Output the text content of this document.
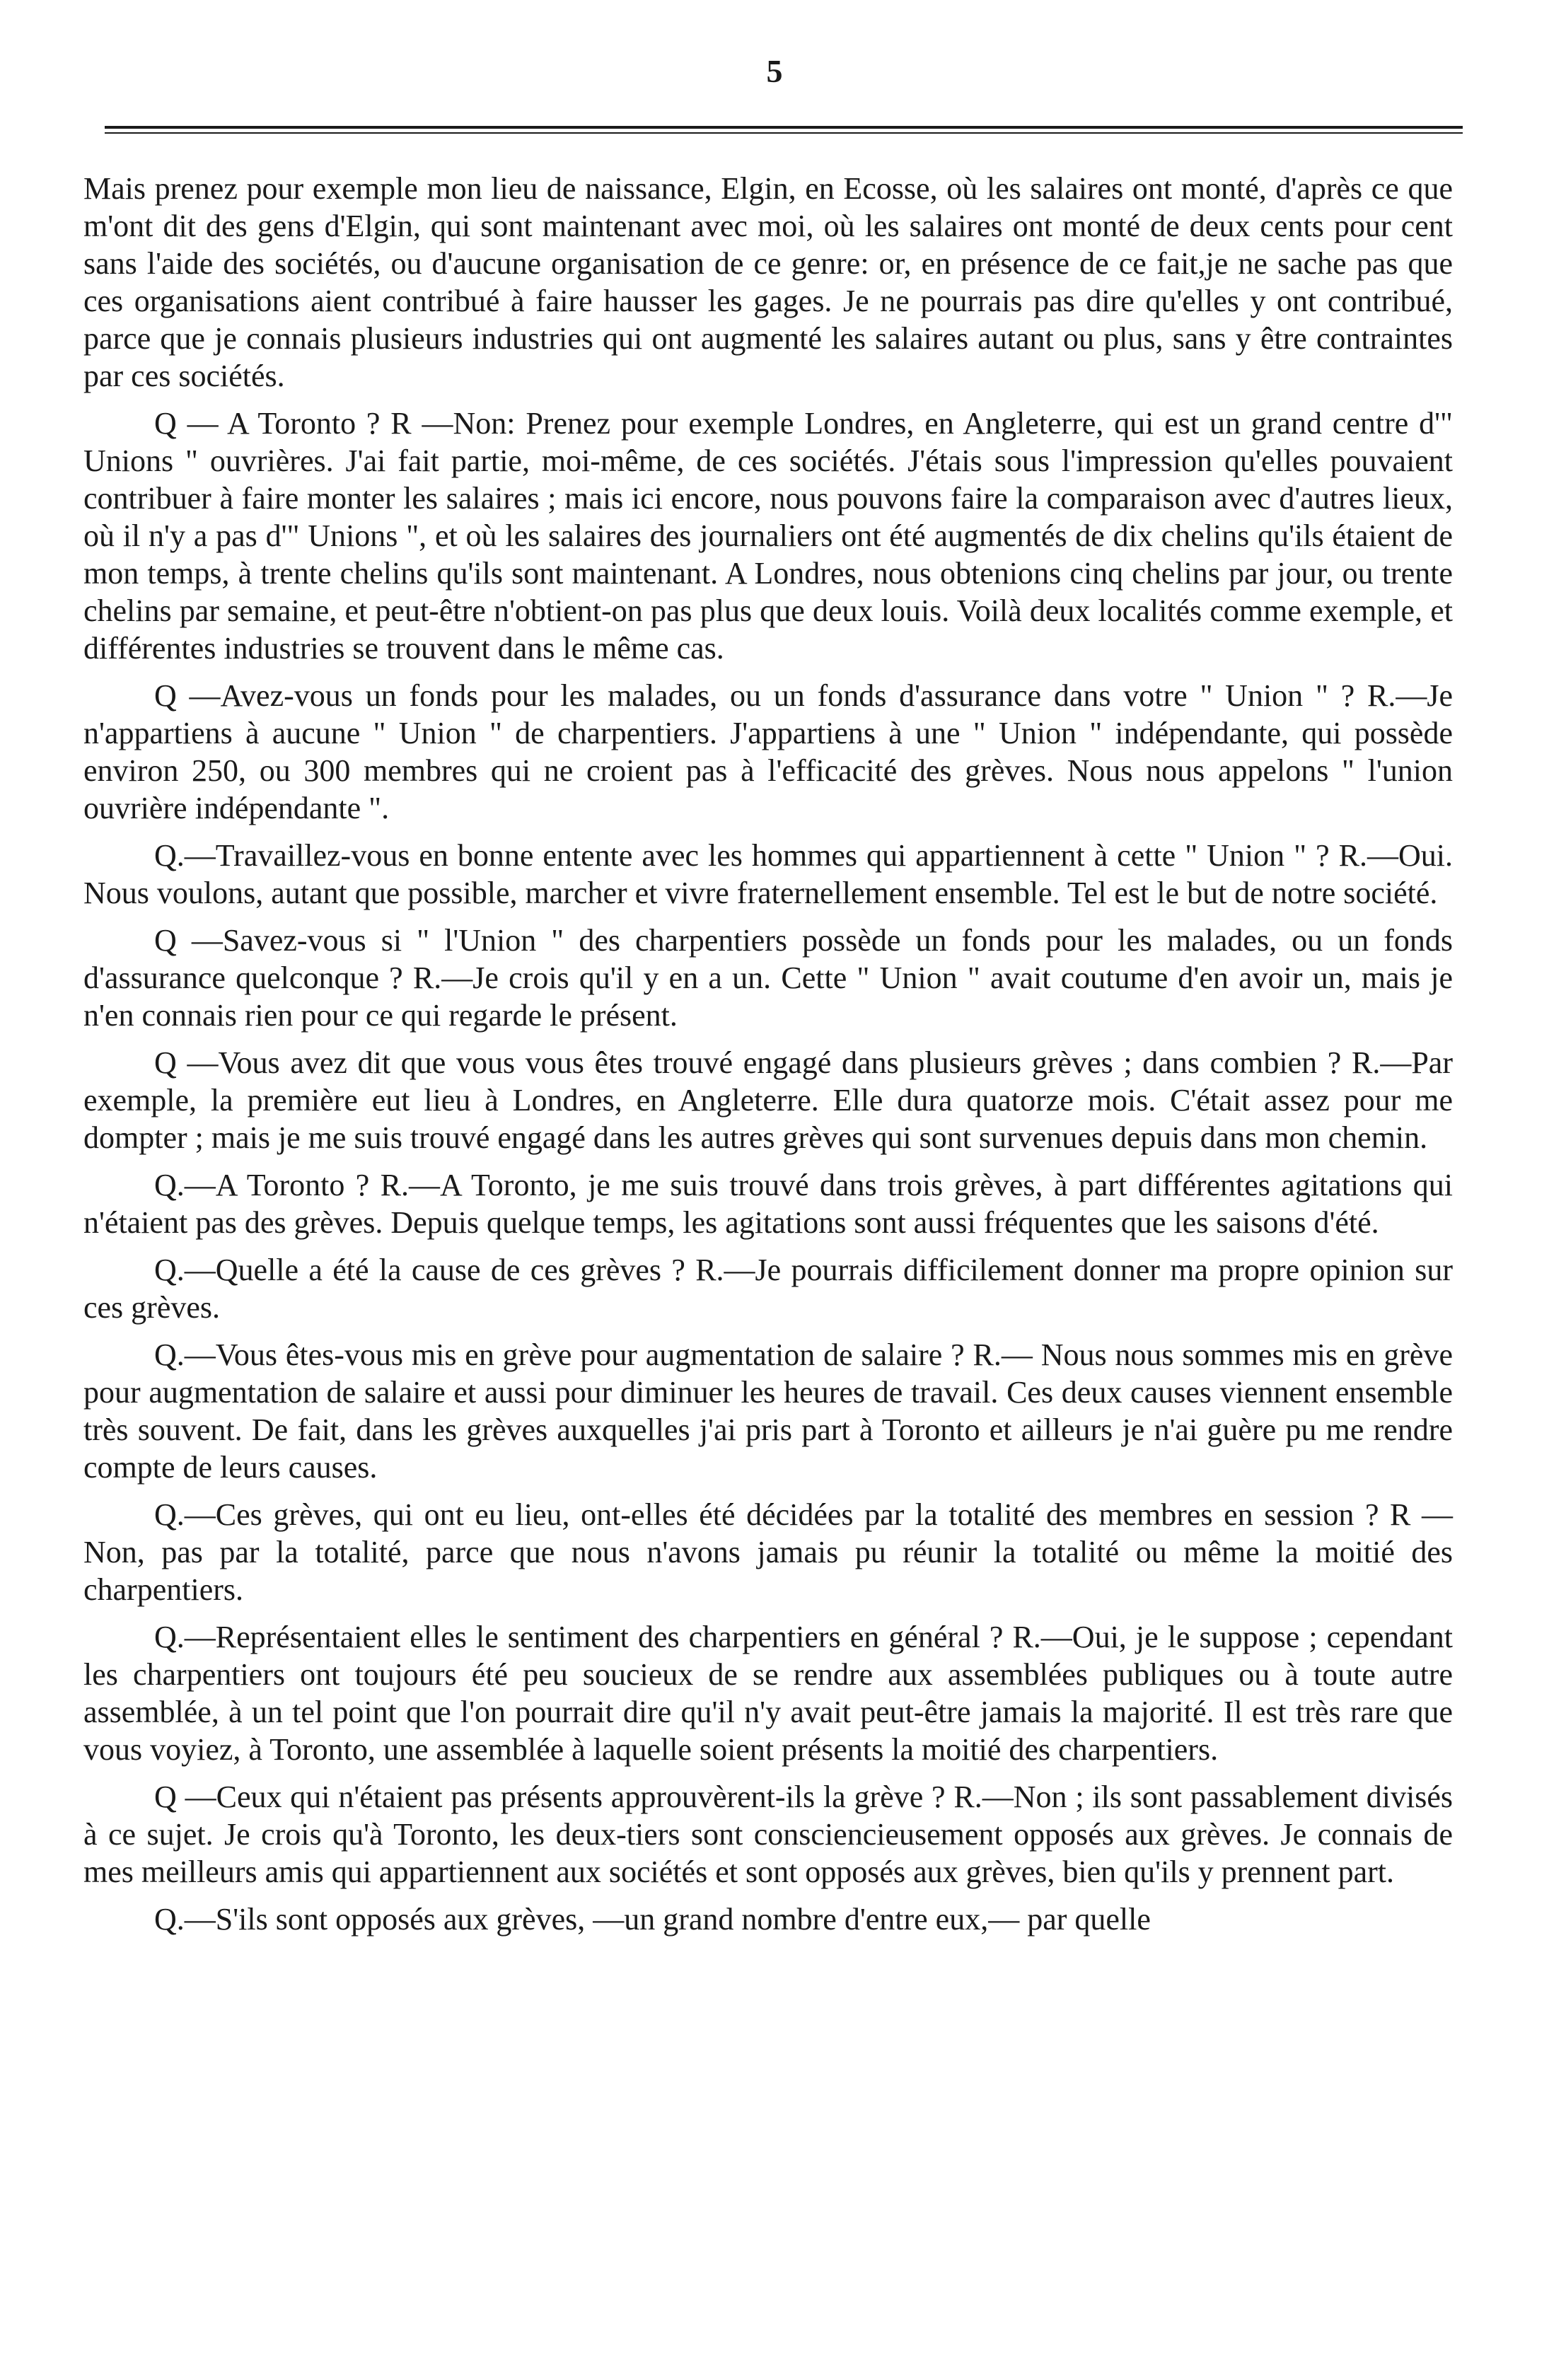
5

Mais prenez pour exemple mon lieu de naissance, Elgin, en Ecosse, où les salaires ont monté, d'après ce que m'ont dit des gens d'Elgin, qui sont maintenant avec moi, où les salaires ont monté de deux cents pour cent sans l'aide des sociétés, ou d'aucune organisation de ce genre: or, en présence de ce fait,je ne sache pas que ces organisations aient contribué à faire hausser les gages. Je ne pourrais pas dire qu'elles y ont contribué, parce que je connais plusieurs industries qui ont augmenté les salaires autant ou plus, sans y être contraintes par ces sociétés.

Q — A Toronto ? R —Non: Prenez pour exemple Londres, en Angleterre, qui est un grand centre d'" Unions " ouvrières. J'ai fait partie, moi-même, de ces sociétés. J'étais sous l'impression qu'elles pouvaient contribuer à faire monter les salaires ; mais ici encore, nous pouvons faire la comparaison avec d'autres lieux, où il n'y a pas d'" Unions ", et où les salaires des journaliers ont été augmentés de dix chelins qu'ils étaient de mon temps, à trente chelins qu'ils sont maintenant. A Londres, nous obtenions cinq chelins par jour, ou trente chelins par semaine, et peut-être n'obtient-on pas plus que deux louis. Voilà deux localités comme exemple, et différentes industries se trouvent dans le même cas.

Q —Avez-vous un fonds pour les malades, ou un fonds d'assurance dans votre " Union " ? R.—Je n'appartiens à aucune " Union " de charpentiers. J'appartiens à une " Union " indépendante, qui possède environ 250, ou 300 membres qui ne croient pas à l'efficacité des grèves. Nous nous appelons " l'union ouvrière indépendante ".

Q.—Travaillez-vous en bonne entente avec les hommes qui appartiennent à cette " Union " ? R.—Oui. Nous voulons, autant que possible, marcher et vivre fraternellement ensemble. Tel est le but de notre société.

Q —Savez-vous si " l'Union " des charpentiers possède un fonds pour les malades, ou un fonds d'assurance quelconque ? R.—Je crois qu'il y en a un. Cette " Union " avait coutume d'en avoir un, mais je n'en connais rien pour ce qui regarde le présent.

Q —Vous avez dit que vous vous êtes trouvé engagé dans plusieurs grèves ; dans combien ? R.—Par exemple, la première eut lieu à Londres, en Angleterre. Elle dura quatorze mois. C'était assez pour me dompter ; mais je me suis trouvé engagé dans les autres grèves qui sont survenues depuis dans mon chemin.

Q.—A Toronto ? R.—A Toronto, je me suis trouvé dans trois grèves, à part différentes agitations qui n'étaient pas des grèves. Depuis quelque temps, les agitations sont aussi fréquentes que les saisons d'été.

Q.—Quelle a été la cause de ces grèves ? R.—Je pourrais difficilement donner ma propre opinion sur ces grèves.

Q.—Vous êtes-vous mis en grève pour augmentation de salaire ? R.— Nous nous sommes mis en grève pour augmentation de salaire et aussi pour diminuer les heures de travail. Ces deux causes viennent ensemble très souvent. De fait, dans les grèves auxquelles j'ai pris part à Toronto et ailleurs je n'ai guère pu me rendre compte de leurs causes.

Q.—Ces grèves, qui ont eu lieu, ont-elles été décidées par la totalité des membres en session ? R —Non, pas par la totalité, parce que nous n'avons jamais pu réunir la totalité ou même la moitié des charpentiers.

Q.—Représentaient elles le sentiment des charpentiers en général ? R.—Oui, je le suppose ; cependant les charpentiers ont toujours été peu soucieux de se rendre aux assemblées publiques ou à toute autre assemblée, à un tel point que l'on pourrait dire qu'il n'y avait peut-être jamais la majorité. Il est très rare que vous voyiez, à Toronto, une assemblée à laquelle soient présents la moitié des charpentiers.

Q —Ceux qui n'étaient pas présents approuvèrent-ils la grève ? R.—Non ; ils sont passablement divisés à ce sujet. Je crois qu'à Toronto, les deux-tiers sont consciencieusement opposés aux grèves. Je connais de mes meilleurs amis qui appartiennent aux sociétés et sont opposés aux grèves, bien qu'ils y prennent part.

Q.—S'ils sont opposés aux grèves, —un grand nombre d'entre eux,— par quelle
